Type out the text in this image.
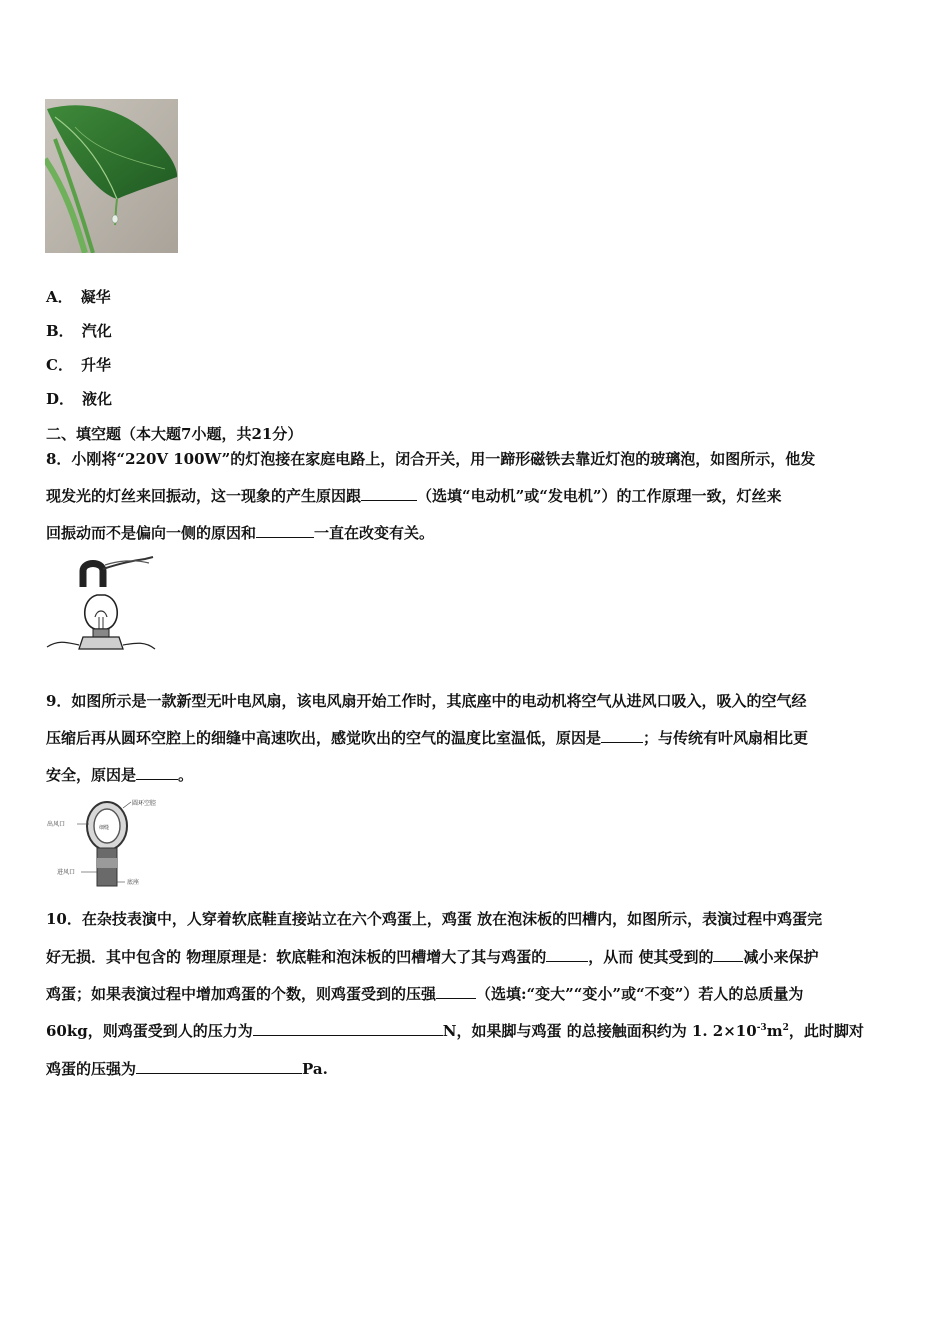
A． 凝华
B． 汽化
C． 升华
D． 液化
二、填空题（本大题7小题，共21分）
8．小刚将“220V 100W”的灯泡接在家庭电路上，闭合开关，用一蹄形磁铁去靠近灯泡的玻璃泡，如图所示，他发
现发光的灯丝来回振动，这一现象的产生原因跟	（选填“电动机”或“发电机”）的工作原理一致，灯丝来
回振动而不是偏向一侧的原因和	一直在改变有关。
9．如图所示是一款新型无叶电风扇，该电风扇开始工作时，其底座中的电动机将空气从进风口吸入，吸入的空气经
压缩后再从圆环空腔上的细缝中高速吹出，感觉吹出的空气的温度比室温低，原因是	；与传统有叶风扇相比更
安全，原因是	。
圆环空腔
出风口	细缝
进风口
底座
10．在杂技表演中，人穿着软底鞋直接站立在六个鸡蛋上，鸡蛋 放在泡沫板的凹槽内，如图所示，表演过程中鸡蛋完
好无损．其中包含的 物理原理是：软底鞋和泡沫板的凹槽增大了其与鸡蛋的	，从而 使其受到的 减小来保护
鸡蛋；如果表演过程中增加鸡蛋的个数，则鸡蛋受到的压强	（选填:“变大”“变小”或“不变”）若人的总质量为
60kg，则鸡蛋受到人的压力为	N，如果脚与鸡蛋 的总接触面积约为 1. $2\times 10^{-3}m^2$，此时脚对
鸡蛋的压强为	Pa.
